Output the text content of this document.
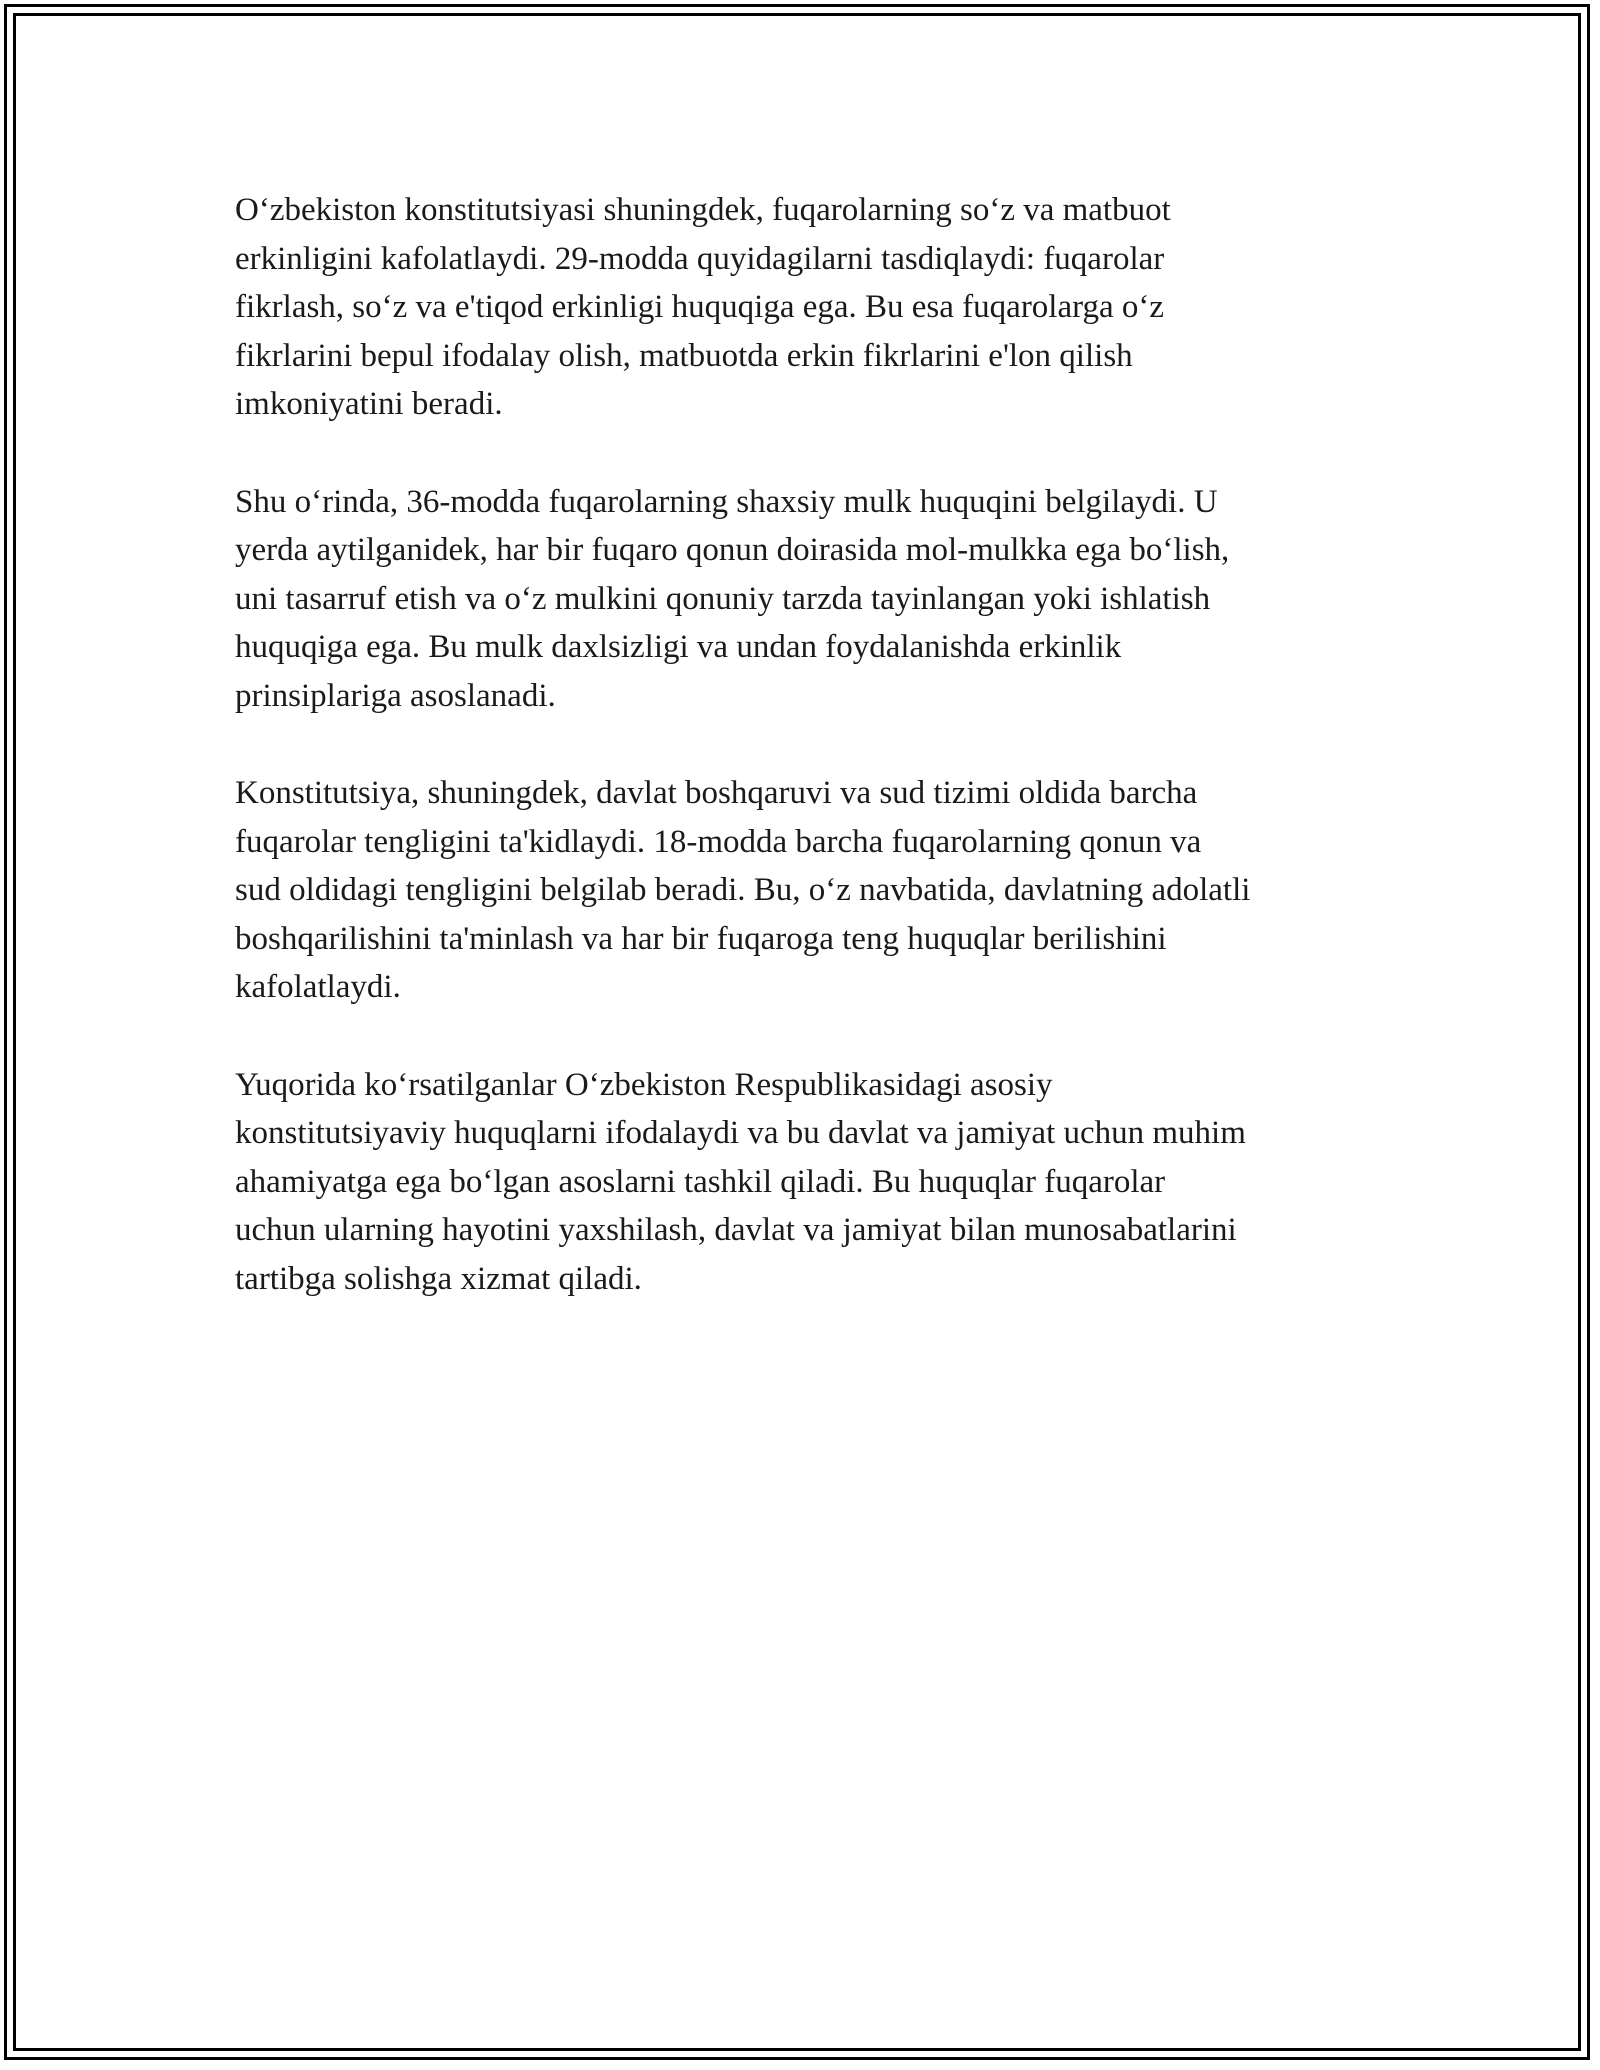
O‘zbekiston konstitutsiyasi shuningdek, fuqarolarning so‘z va matbuot
erkinligini kafolatlaydi. 29-modda quyidagilarni tasdiqlaydi: fuqarolar
fikrlash, so‘z va e'tiqod erkinligi huquqiga ega. Bu esa fuqarolarga o‘z
fikrlarini bepul ifodalay olish, matbuotda erkin fikrlarini e'lon qilish
imkoniyatini beradi.

Shu o‘rinda, 36-modda fuqarolarning shaxsiy mulk huquqini belgilaydi. U
yerda aytilganidek, har bir fuqaro qonun doirasida mol-mulkka ega bo‘lish,
uni tasarruf etish va o‘z mulkini qonuniy tarzda tayinlangan yoki ishlatish
huquqiga ega. Bu mulk daxlsizligi va undan foydalanishda erkinlik
prinsiplariga asoslanadi.

Konstitutsiya, shuningdek, davlat boshqaruvi va sud tizimi oldida barcha
fuqarolar tengligini ta'kidlaydi. 18-modda barcha fuqarolarning qonun va
sud oldidagi tengligini belgilab beradi. Bu, o‘z navbatida, davlatning adolatli
boshqarilishini ta'minlash va har bir fuqaroga teng huquqlar berilishini
kafolatlaydi.

Yuqorida ko‘rsatilganlar O‘zbekiston Respublikasidagi asosiy
konstitutsiyaviy huquqlarni ifodalaydi va bu davlat va jamiyat uchun muhim
ahamiyatga ega bo‘lgan asoslarni tashkil qiladi. Bu huquqlar fuqarolar
uchun ularning hayotini yaxshilash, davlat va jamiyat bilan munosabatlarini
tartibga solishga xizmat qiladi.
